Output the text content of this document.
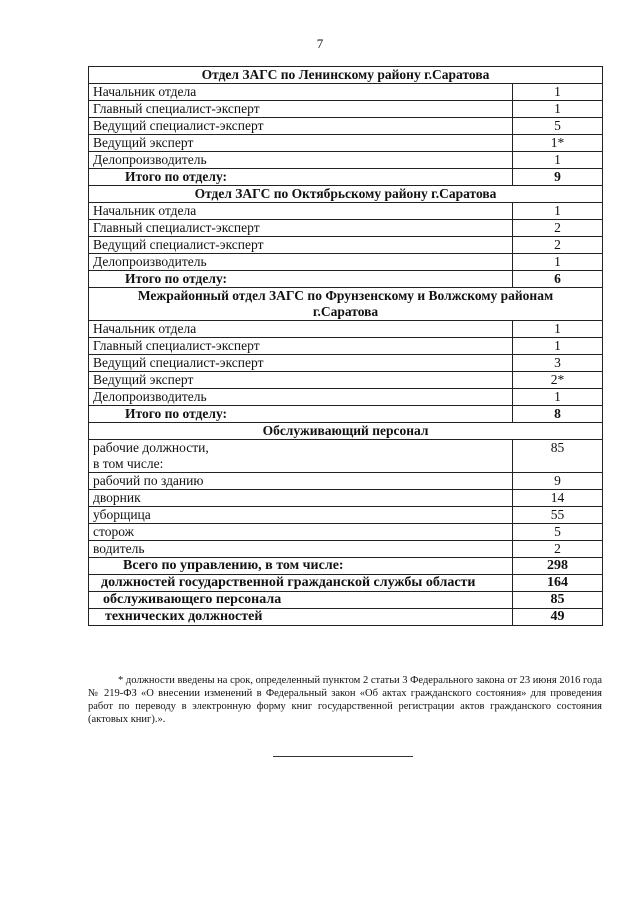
7
Отдел ЗАГС по Ленинскому району г.Саратова	
Начальник отдела	1
Главный специалист-эксперт	1
Ведущий специалист-эксперт	5
Ведущий эксперт	1*
Делопроизводитель	1
Итого по отделу:	9
Отдел ЗАГС по Октябрьскому району г.Саратова	
Начальник отдела	1
Главный специалист-эксперт	2
Ведущий специалист-эксперт	2
Делопроизводитель	1
Итого по отделу:	6
Межрайонный отдел ЗАГС по Фрунзенскому и Волжскому районам
г.Саратова	
Начальник отдела	1
Главный специалист-эксперт	1
Ведущий специалист-эксперт	3
Ведущий эксперт	2*
Делопроизводитель	1
Итого по отделу:	8
Обслуживающий персонал	
рабочие должности,
в том числе:	85
рабочий по зданию	9
дворник	14
уборщица	55
сторож	5
водитель	2
Всего по управлению, в том числе:	298
должностей государственной гражданской службы области	164
обслуживающего персонала	85
технических должностей	49
* должности введены на срок, определенный пунктом 2 статьи 3 Федерального закона от 23 июня 2016 года № 219-ФЗ «О внесении изменений в Федеральный закон «Об актах гражданского состояния» для проведения работ по переводу в электронную форму книг государственной регистрации актов гражданского состояния (актовых книг).».
